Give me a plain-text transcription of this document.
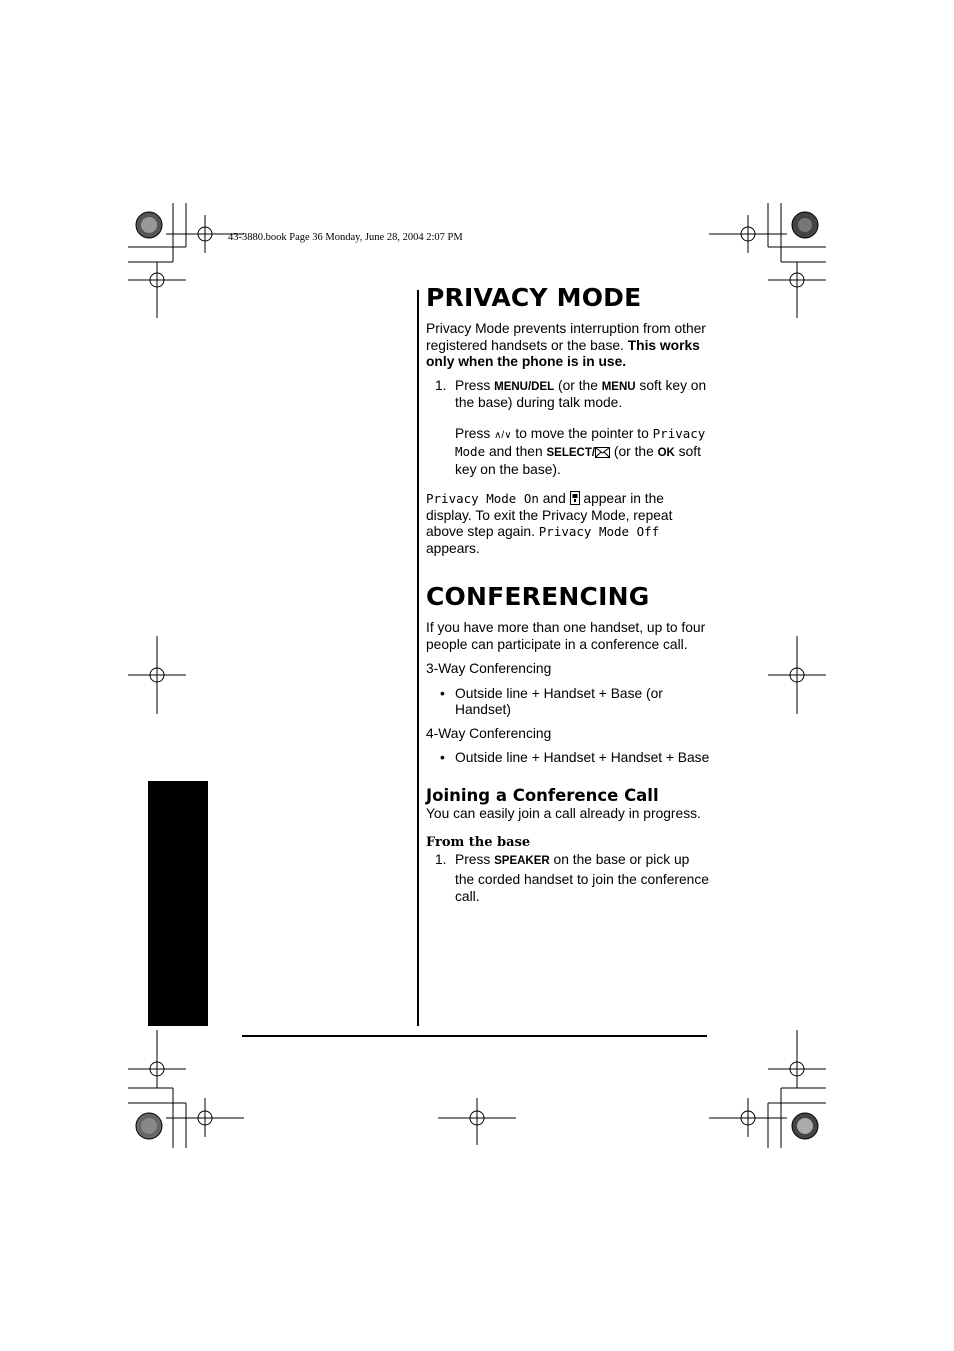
43-3880.book Page 36 Monday, June 28, 2004 2:07 PM
PRIVACY MODE

Privacy Mode prevents interruption from other registered handsets or the base. This works only when the phone is in use.

1. Press MENU/DEL (or the MENU soft key on the base) during talk mode.

Press ∧/∨ to move the pointer to Privacy Mode and then SELECT/ (or the OK soft key on the base).

Privacy Mode On and  appear in the display. To exit the Privacy Mode, repeat above step again. Privacy Mode Off appears.

CONFERENCING

If you have more than one handset, up to four people can participate in a conference call.

3-Way Conferencing

• Outside line + Handset + Base (or Handset)

4-Way Conferencing

• Outside line + Handset + Handset + Base
Joining a Conference Call

You can easily join a call already in progress.

From the base
1. Press SPEAKER on the base or pick up the corded handset to join the conference call.
